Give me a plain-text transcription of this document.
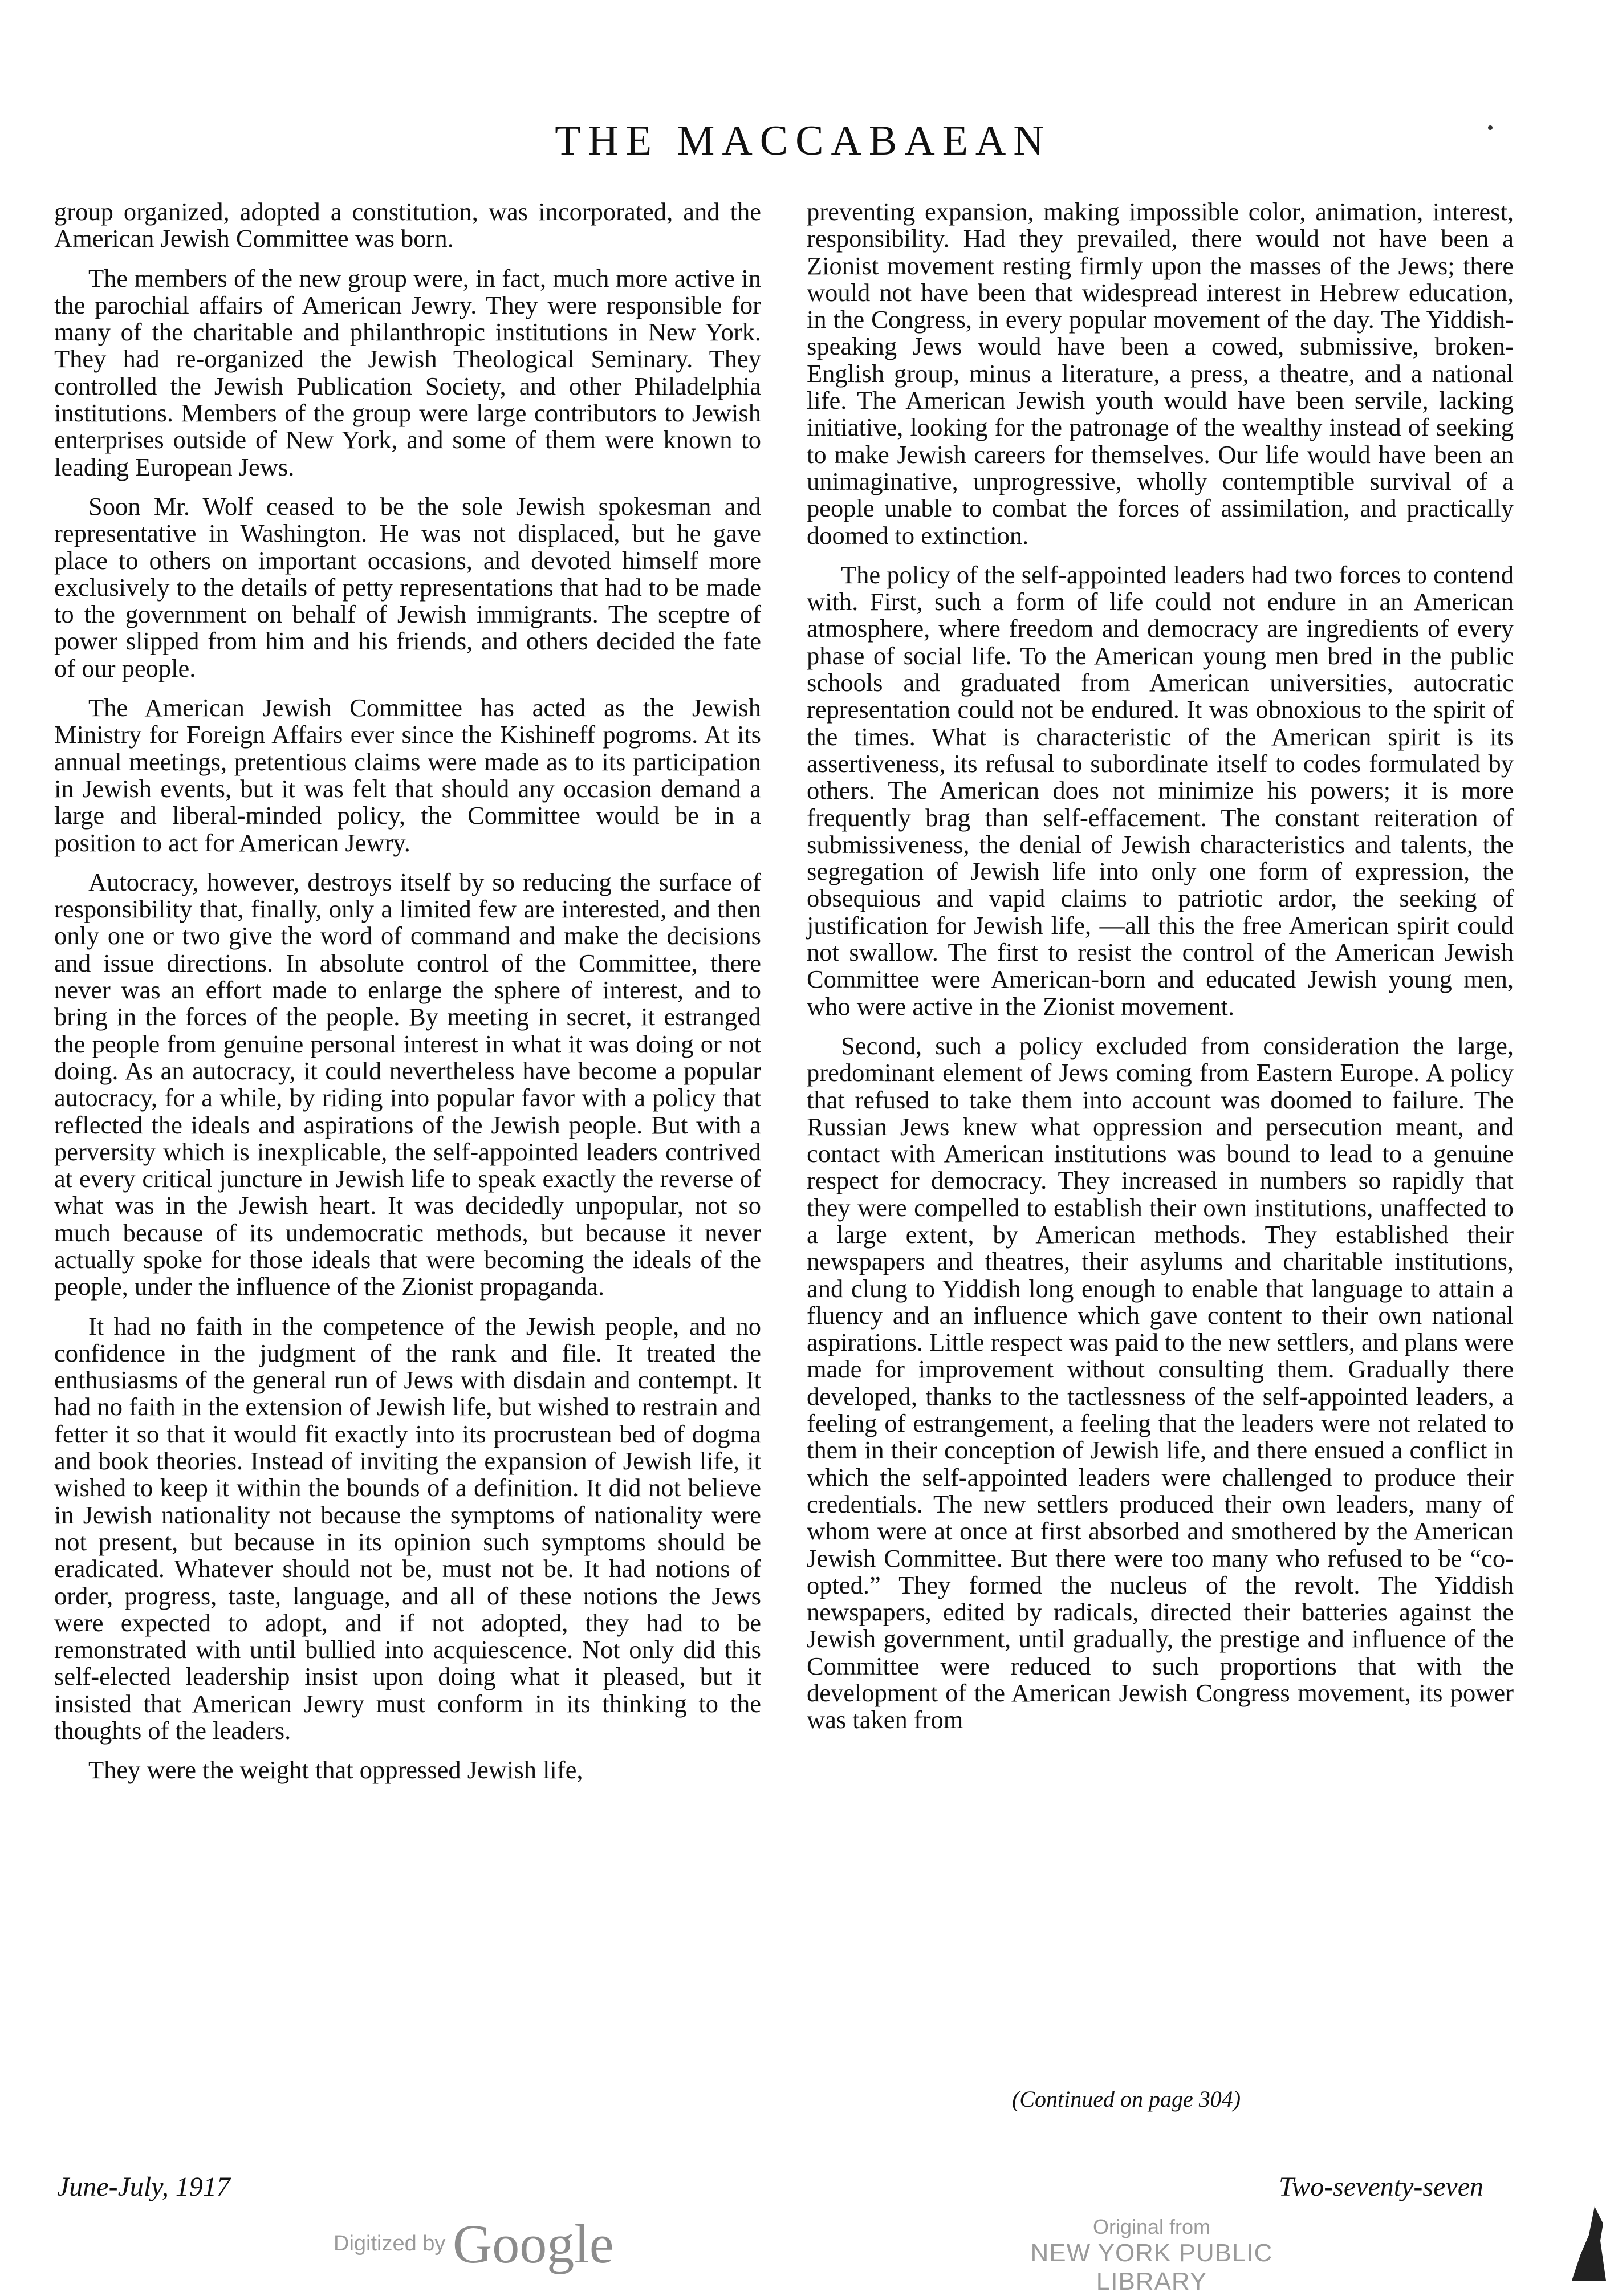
THE MACCABAEAN

group organized, adopted a constitution, was incorporated, and the American Jewish Committee was born.

The members of the new group were, in fact, much more active in the parochial affairs of American Jewry. They were responsible for many of the charitable and philanthropic institutions in New York. They had re-organized the Jewish Theological Seminary. They controlled the Jewish Publication Society, and other Philadelphia institutions. Members of the group were large contributors to Jewish enterprises outside of New York, and some of them were known to leading European Jews.

Soon Mr. Wolf ceased to be the sole Jewish spokesman and representative in Washington. He was not displaced, but he gave place to others on important occasions, and devoted himself more exclusively to the details of petty representations that had to be made to the government on behalf of Jewish immigrants. The sceptre of power slipped from him and his friends, and others decided the fate of our people.

The American Jewish Committee has acted as the Jewish Ministry for Foreign Affairs ever since the Kishineff pogroms. At its annual meetings, pretentious claims were made as to its participation in Jewish events, but it was felt that should any occasion demand a large and liberal-minded policy, the Committee would be in a position to act for American Jewry.

Autocracy, however, destroys itself by so reducing the surface of responsibility that, finally, only a limited few are interested, and then only one or two give the word of command and make the decisions and issue directions. In absolute control of the Committee, there never was an effort made to enlarge the sphere of interest, and to bring in the forces of the people. By meeting in secret, it estranged the people from genuine personal interest in what it was doing or not doing. As an autocracy, it could nevertheless have become a popular autocracy, for a while, by riding into popular favor with a policy that reflected the ideals and aspirations of the Jewish people. But with a perversity which is inexplicable, the self-appointed leaders contrived at every critical juncture in Jewish life to speak exactly the reverse of what was in the Jewish heart. It was decidedly unpopular, not so much because of its undemocratic methods, but because it never actually spoke for those ideals that were becoming the ideals of the people, under the influence of the Zionist propaganda.

It had no faith in the competence of the Jewish people, and no confidence in the judgment of the rank and file. It treated the enthusiasms of the general run of Jews with disdain and contempt. It had no faith in the extension of Jewish life, but wished to restrain and fetter it so that it would fit exactly into its procrustean bed of dogma and book theories. Instead of inviting the expansion of Jewish life, it wished to keep it within the bounds of a definition. It did not believe in Jewish nationality not because the symptoms of nationality were not present, but because in its opinion such symptoms should be eradicated. Whatever should not be, must not be. It had notions of order, progress, taste, language, and all of these notions the Jews were expected to adopt, and if not adopted, they had to be remonstrated with until bullied into acquiescence. Not only did this self-elected leadership insist upon doing what it pleased, but it insisted that American Jewry must conform in its thinking to the thoughts of the leaders.

They were the weight that oppressed Jewish life,

preventing expansion, making impossible color, animation, interest, responsibility. Had they prevailed, there would not have been a Zionist movement resting firmly upon the masses of the Jews; there would not have been that widespread interest in Hebrew education, in the Congress, in every popular movement of the day. The Yiddish-speaking Jews would have been a cowed, submissive, broken-English group, minus a literature, a press, a theatre, and a national life. The American Jewish youth would have been servile, lacking initiative, looking for the patronage of the wealthy instead of seeking to make Jewish careers for themselves. Our life would have been an unimaginative, unprogressive, wholly contemptible survival of a people unable to combat the forces of assimilation, and practically doomed to extinction.

The policy of the self-appointed leaders had two forces to contend with. First, such a form of life could not endure in an American atmosphere, where freedom and democracy are ingredients of every phase of social life. To the American young men bred in the public schools and graduated from American universities, autocratic representation could not be endured. It was obnoxious to the spirit of the times. What is characteristic of the American spirit is its assertiveness, its refusal to subordinate itself to codes formulated by others. The American does not minimize his powers; it is more frequently brag than self-effacement. The constant reiteration of submissiveness, the denial of Jewish characteristics and talents, the segregation of Jewish life into only one form of expression, the obsequious and vapid claims to patriotic ardor, the seeking of justification for Jewish life, —all this the free American spirit could not swallow. The first to resist the control of the American Jewish Committee were American-born and educated Jewish young men, who were active in the Zionist movement.

Second, such a policy excluded from consideration the large, predominant element of Jews coming from Eastern Europe. A policy that refused to take them into account was doomed to failure. The Russian Jews knew what oppression and persecution meant, and contact with American institutions was bound to lead to a genuine respect for democracy. They increased in numbers so rapidly that they were compelled to establish their own institutions, unaffected to a large extent, by American methods. They established their newspapers and theatres, their asylums and charitable institutions, and clung to Yiddish long enough to enable that language to attain a fluency and an influence which gave content to their own national aspirations. Little respect was paid to the new settlers, and plans were made for improvement without consulting them. Gradually there developed, thanks to the tactlessness of the self-appointed leaders, a feeling of estrangement, a feeling that the leaders were not related to them in their conception of Jewish life, and there ensued a conflict in which the self-appointed leaders were challenged to produce their credentials. The new settlers produced their own leaders, many of whom were at once at first absorbed and smothered by the American Jewish Committee. But there were too many who refused to be “co-opted.” They formed the nucleus of the revolt. The Yiddish newspapers, edited by radicals, directed their batteries against the Jewish government, until gradually, the prestige and influence of the Committee were reduced to such proportions that with the development of the American Jewish Congress movement, its power was taken from

(Continued on page 304)
June-July, 1917	Two-seventy-seven
Digitized by Google	Original from
NEW YORK PUBLIC LIBRARY
